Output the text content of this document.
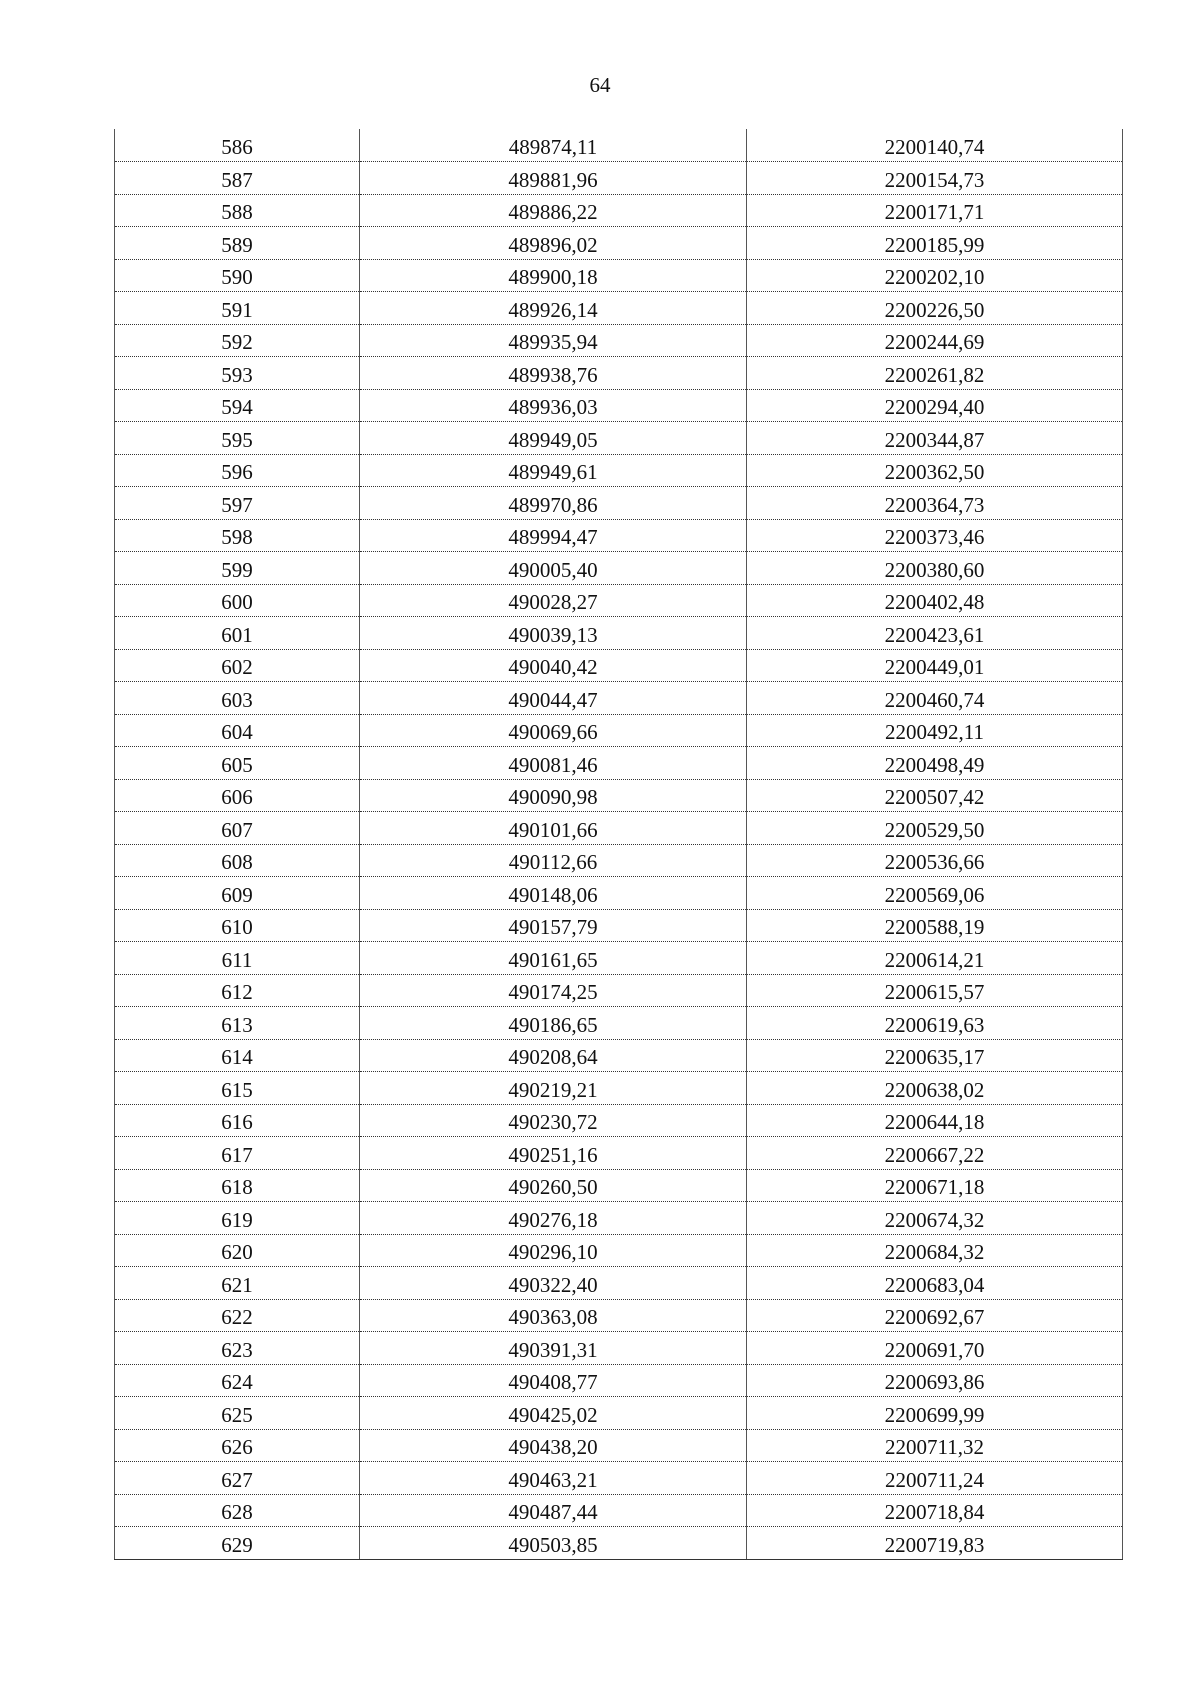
64
586	489874,11	2200140,74
587	489881,96	2200154,73
588	489886,22	2200171,71
589	489896,02	2200185,99
590	489900,18	2200202,10
591	489926,14	2200226,50
592	489935,94	2200244,69
593	489938,76	2200261,82
594	489936,03	2200294,40
595	489949,05	2200344,87
596	489949,61	2200362,50
597	489970,86	2200364,73
598	489994,47	2200373,46
599	490005,40	2200380,60
600	490028,27	2200402,48
601	490039,13	2200423,61
602	490040,42	2200449,01
603	490044,47	2200460,74
604	490069,66	2200492,11
605	490081,46	2200498,49
606	490090,98	2200507,42
607	490101,66	2200529,50
608	490112,66	2200536,66
609	490148,06	2200569,06
610	490157,79	2200588,19
611	490161,65	2200614,21
612	490174,25	2200615,57
613	490186,65	2200619,63
614	490208,64	2200635,17
615	490219,21	2200638,02
616	490230,72	2200644,18
617	490251,16	2200667,22
618	490260,50	2200671,18
619	490276,18	2200674,32
620	490296,10	2200684,32
621	490322,40	2200683,04
622	490363,08	2200692,67
623	490391,31	2200691,70
624	490408,77	2200693,86
625	490425,02	2200699,99
626	490438,20	2200711,32
627	490463,21	2200711,24
628	490487,44	2200718,84
629	490503,85	2200719,83
